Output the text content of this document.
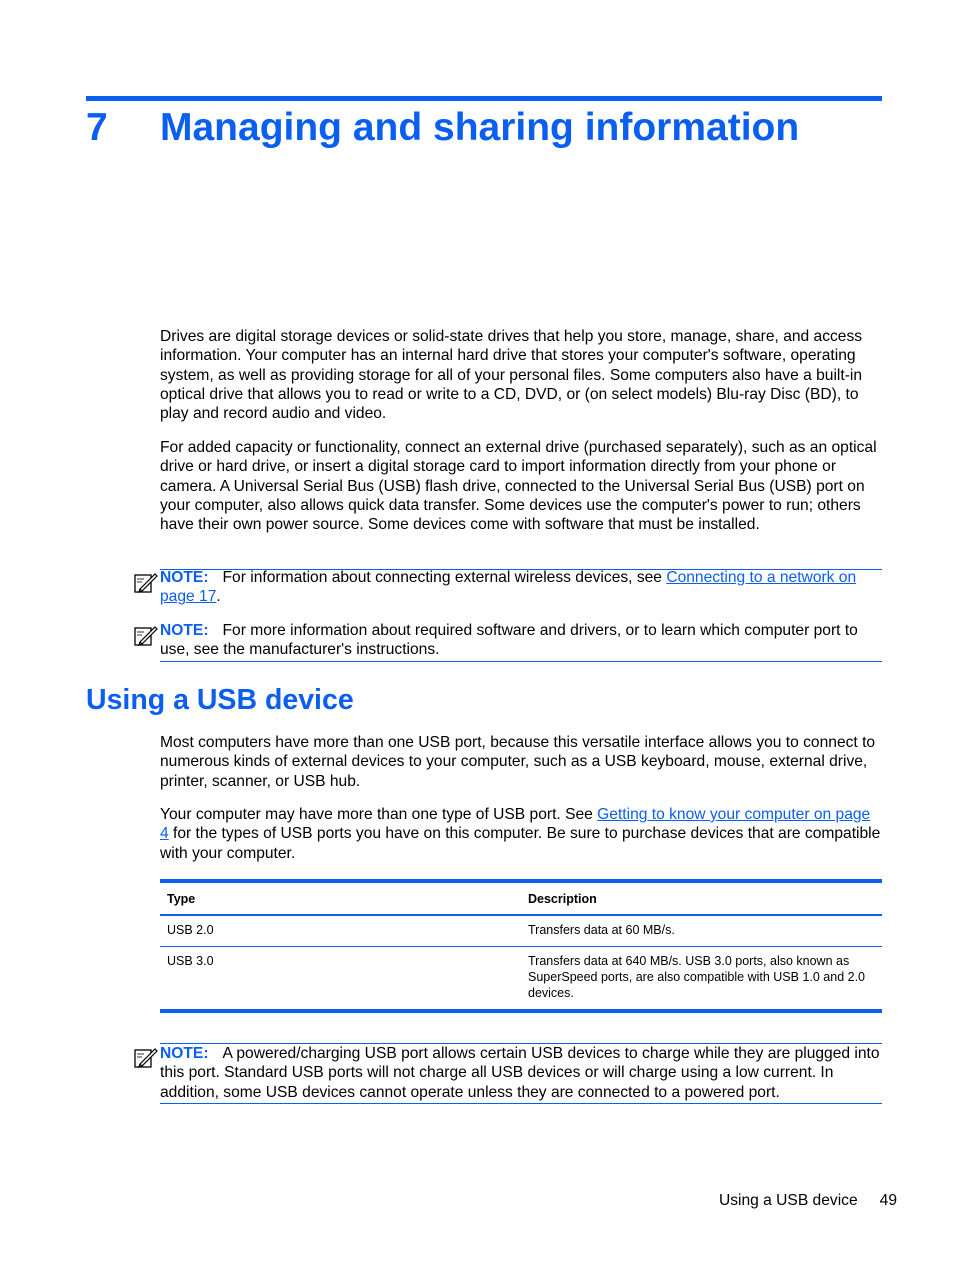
7 Managing and sharing information
Drives are digital storage devices or solid-state drives that help you store, manage, share, and access information. Your computer has an internal hard drive that stores your computer's software, operating system, as well as providing storage for all of your personal files. Some computers also have a built-in optical drive that allows you to read or write to a CD, DVD, or (on select models) Blu-ray Disc (BD), to play and record audio and video.
For added capacity or functionality, connect an external drive (purchased separately), such as an optical drive or hard drive, or insert a digital storage card to import information directly from your phone or camera. A Universal Serial Bus (USB) flash drive, connected to the Universal Serial Bus (USB) port on your computer, also allows quick data transfer. Some devices use the computer's power to run; others have their own power source. Some devices come with software that must be installed.
NOTE: For information about connecting external wireless devices, see Connecting to a network on page 17.
NOTE: For more information about required software and drivers, or to learn which computer port to use, see the manufacturer's instructions.
Using a USB device
Most computers have more than one USB port, because this versatile interface allows you to connect to numerous kinds of external devices to your computer, such as a USB keyboard, mouse, external drive, printer, scanner, or USB hub.
Your computer may have more than one type of USB port. See Getting to know your computer on page 4 for the types of USB ports you have on this computer. Be sure to purchase devices that are compatible with your computer.
Type	Description
USB 2.0	Transfers data at 60 MB/s.
USB 3.0	Transfers data at 640 MB/s. USB 3.0 ports, also known as SuperSpeed ports, are also compatible with USB 1.0 and 2.0 devices.
NOTE: A powered/charging USB port allows certain USB devices to charge while they are plugged into this port. Standard USB ports will not charge all USB devices or will charge using a low current. In addition, some USB devices cannot operate unless they are connected to a powered port.
Using a USB device 49
